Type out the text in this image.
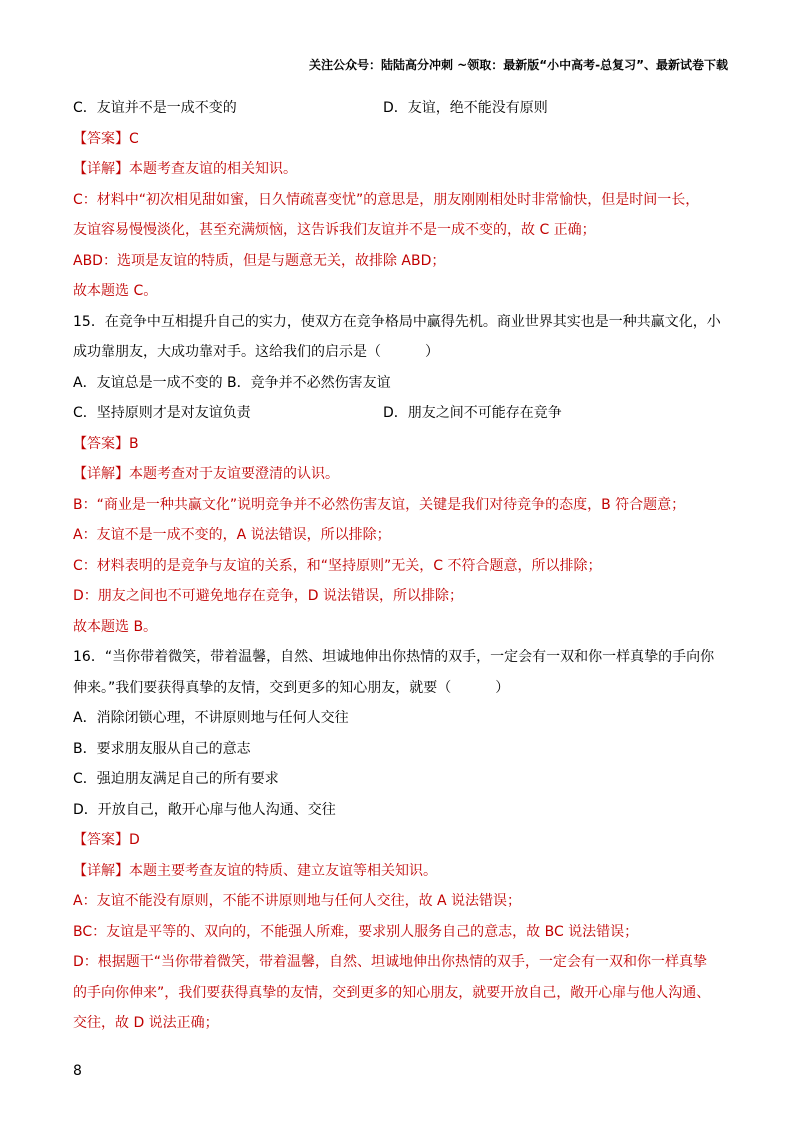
关注公众号：陆陆高分冲刺 ~领取：最新版“小中高考-总复习”、最新试卷下载
C．友谊并不是一成不变的	D．友谊，绝不能没有原则
【答案】C
【详解】本题考查友谊的相关知识。
C：材料中“初次相见甜如蜜，日久情疏喜变忧”的意思是，朋友刚刚相处时非常愉快，但是时间一长，
友谊容易慢慢淡化，甚至充满烦恼，这告诉我们友谊并不是一成不变的，故 C 正确；
ABD：选项是友谊的特质，但是与题意无关，故排除 ABD；
故本题选 C。
15．在竞争中互相提升自己的实力，使双方在竞争格局中赢得先机。商业世界其实也是一种共赢文化，小
成功靠朋友，大成功靠对手。这给我们的启示是（	）
A．友谊总是一成不变的 B．竞争并不必然伤害友谊
C．坚持原则才是对友谊负责	D．朋友之间不可能存在竞争
【答案】B
【详解】本题考查对于友谊要澄清的认识。
B：“商业是一种共赢文化”说明竞争并不必然伤害友谊，关键是我们对待竞争的态度，B 符合题意；
A：友谊不是一成不变的，A 说法错误，所以排除；
C：材料表明的是竞争与友谊的关系，和“坚持原则”无关，C 不符合题意，所以排除；
D：朋友之间也不可避免地存在竞争，D 说法错误，所以排除；
故本题选 B。
16．“当你带着微笑，带着温馨，自然、坦诚地伸出你热情的双手，一定会有一双和你一样真挚的手向你
伸来。”我们要获得真挚的友情，交到更多的知心朋友，就要（	）
A．消除闭锁心理，不讲原则地与任何人交往
B．要求朋友服从自己的意志
C．强迫朋友满足自己的所有要求
D．开放自己，敞开心扉与他人沟通、交往
【答案】D
【详解】本题主要考查友谊的特质、建立友谊等相关知识。
A：友谊不能没有原则，不能不讲原则地与任何人交往，故 A 说法错误；
BC：友谊是平等的、双向的，不能强人所难，要求别人服务自己的意志，故 BC 说法错误；
D：根据题干“当你带着微笑，带着温馨，自然、坦诚地伸出你热情的双手，一定会有一双和你一样真挚
的手向你伸来”，我们要获得真挚的友情，交到更多的知心朋友，就要开放自己，敞开心扉与他人沟通、
交往，故 D 说法正确；
8
